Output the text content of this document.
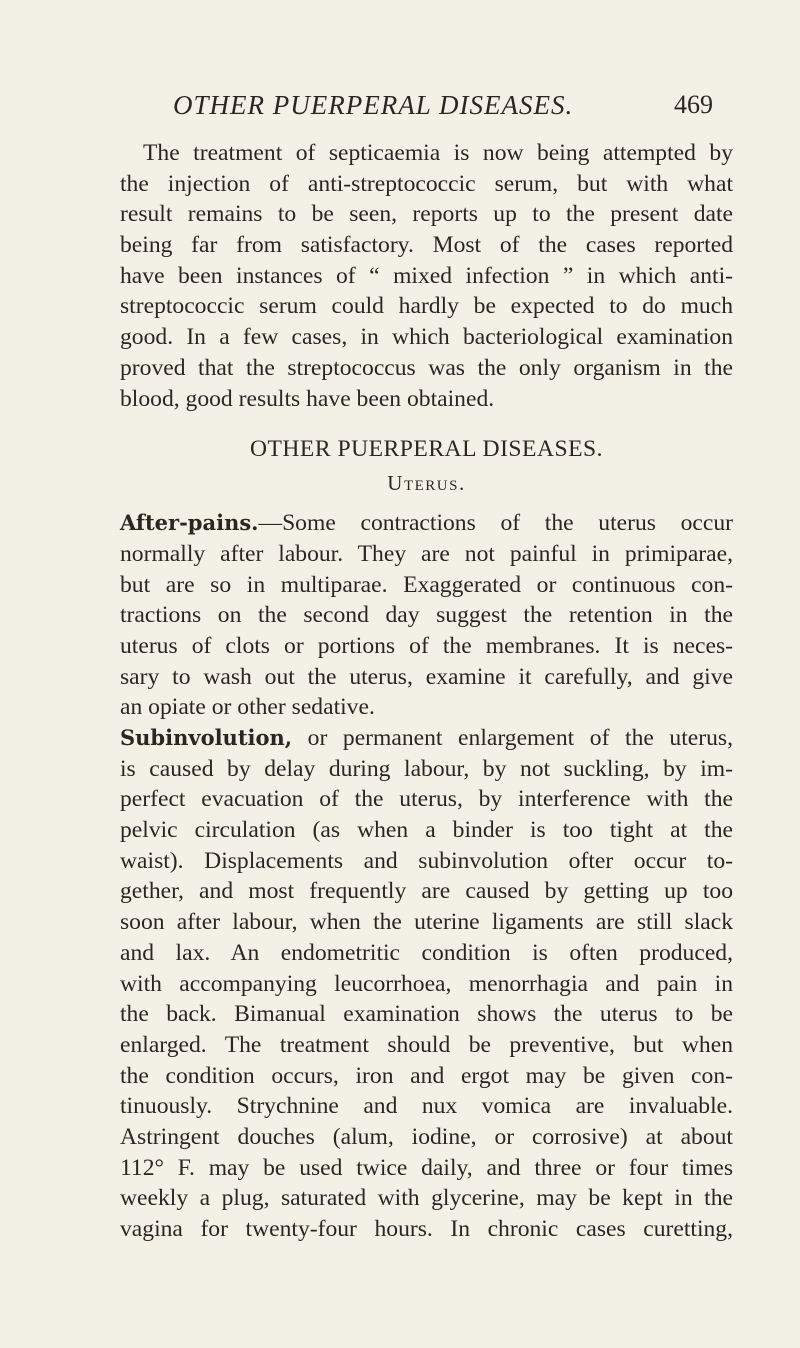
OTHER PUERPERAL DISEASES.	469
The treatment of septicaemia is now being attempted by
the injection of anti-streptococcic serum, but with what
result remains to be seen, reports up to the present date
being far from satisfactory. Most of the cases reported
have been instances of “ mixed infection ” in which anti-
streptococcic serum could hardly be expected to do much
good. In a few cases, in which bacteriological examination
proved that the streptococcus was the only organism in the
blood, good results have been obtained.
OTHER PUERPERAL DISEASES.
Uterus.
After-pains. —Some contractions of the uterus occur
normally after labour. They are not painful in primiparae,
but are so in multiparae. Exaggerated or continuous con-
tractions on the second day suggest the retention in the
uterus of clots or portions of the membranes. It is neces-
sary to wash out the uterus, examine it carefully, and give
an opiate or other sedative.
Subinvolution, or permanent enlargement of the uterus,
is caused by delay during labour, by not suckling, by im-
perfect evacuation of the uterus, by interference with the
pelvic circulation (as when a binder is too tight at the
waist). Displacements and subinvolution ofter occur to-
gether, and most frequently are caused by getting up too
soon after labour, when the uterine ligaments are still slack
and lax. An endometritic condition is often produced,
with accompanying leucorrhoea, menorrhagia and pain in
the back. Bimanual examination shows the uterus to be
enlarged. The treatment should be preventive, but when
the condition occurs, iron and ergot may be given con-
tinuously. Strychnine and nux vomica are invaluable.
Astringent douches (alum, iodine, or corrosive) at about
112° F. may be used twice daily, and three or four times
weekly a plug, saturated with glycerine, may be kept in the
vagina for twenty-four hours. In chronic cases curetting,
